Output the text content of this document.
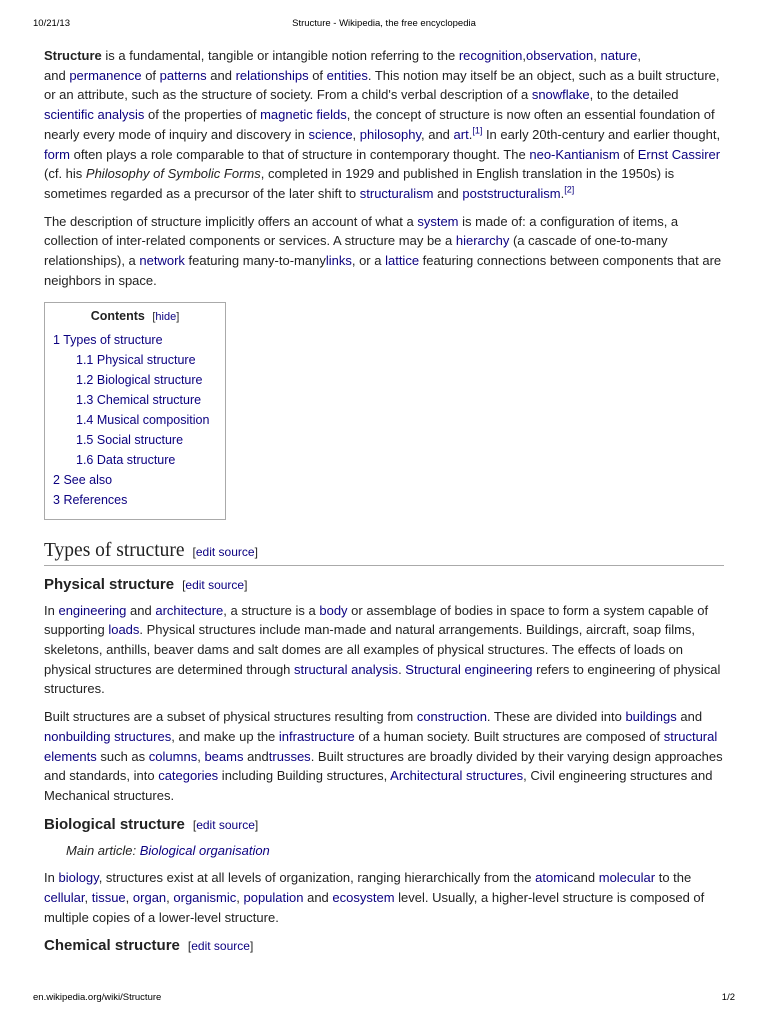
10/21/13	Structure - Wikipedia, the free encyclopedia

Structure is a fundamental, tangible or intangible notion referring to the recognition,observation, nature,
and permanence of patterns and relationships of entities. This notion may itself be an object, such as a built structure, or an attribute, such as the structure of society. From a child's verbal description of a snowflake, to the detailed scientific analysis of the properties of magnetic fields, the concept of structure is now often an essential foundation of nearly every mode of inquiry and discovery in science, philosophy, and art.[1] In early 20th-century and earlier thought, form often plays a role comparable to that of structure in contemporary thought. The neo-Kantianism of Ernst Cassirer (cf. his Philosophy of Symbolic Forms, completed in 1929 and published in English translation in the 1950s) is sometimes regarded as a precursor of the later shift to structuralism and poststructuralism.[2]

The description of structure implicitly offers an account of what a system is made of: a configuration of items, a collection of inter-related components or services. A structure may be a hierarchy (a cascade of one-to-many relationships), a network featuring many-to-manylinks, or a lattice featuring connections between components that are neighbors in space.

Contents [hide]
1 Types of structure
1.1 Physical structure
1.2 Biological structure
1.3 Chemical structure
1.4 Musical composition
1.5 Social structure
1.6 Data structure
2 See also
3 References
Types of structure [edit source]
Physical structure [edit source]

In engineering and architecture, a structure is a body or assemblage of bodies in space to form a system capable of supporting loads. Physical structures include man-made and natural arrangements. Buildings, aircraft, soap films, skeletons, anthills, beaver dams and salt domes are all examples of physical structures. The effects of loads on physical structures are determined through structural analysis. Structural engineering refers to engineering of physical structures.

Built structures are a subset of physical structures resulting from construction. These are divided into buildings and nonbuilding structures, and make up the infrastructure of a human society. Built structures are composed of structural elements such as columns, beams andtrusses. Built structures are broadly divided by their varying design approaches and standards, into categories including Building structures, Architectural structures, Civil engineering structures and Mechanical structures.

Biological structure [edit source]
Main article: Biological organisation

In biology, structures exist at all levels of organization, ranging hierarchically from the atomicand molecular to the cellular, tissue, organ, organismic, population and ecosystem level. Usually, a higher-level structure is composed of multiple copies of a lower-level structure.

Chemical structure [edit source]
en.wikipedia.org/wiki/Structure	1/2
